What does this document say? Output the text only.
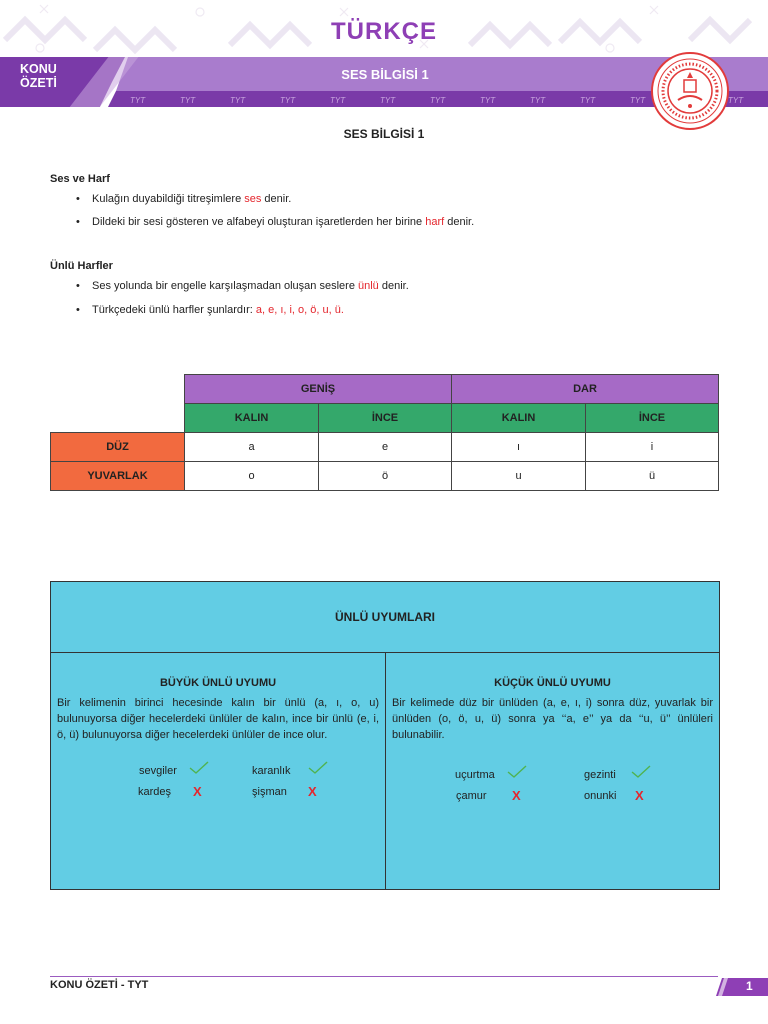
TÜRKÇE
KONU
ÖZETİ
SES BİLGİSİ 1
TYT	TYT	TYT	TYT	TYT	TYT	TYT	TYT	TYT	TYT	TYT	TYT
SES BİLGİSİ 1
Ses ve Harf
• Kulağın duyabildiği titreşimlere ses denir.
• Dildeki bir sesi gösteren ve alfabeyi oluşturan işaretlerden her birine harf denir.
Ünlü Harfler
• Ses yolunda bir engelle karşılaşmadan oluşan seslere ünlü denir.
• Türkçedeki ünlü harfler şunlardır: a, e, ı, i, o, ö, u, ü.
	GENİŞ		DAR	
	KALIN	İNCE	KALIN	İNCE
DÜZ	a	e	ı	i
YUVARLAK	o	ö	u	ü
ÜNLÜ UYUMLARI
BÜYÜK ÜNLÜ UYUMU
Bir kelimenin birinci hecesinde kalın bir ünlü (a, ı, o, u) bulunuyorsa diğer hecelerdeki ünlüler de kalın, ince bir ünlü (e, i, ö, ü) bulunuyorsa diğer hecelerdeki ünlüler de ince olur.
sevgiler	karanlık
kardeş X	şişman X
KÜÇÜK ÜNLÜ UYUMU
Bir kelimede düz bir ünlüden (a, e, ı, i) sonra düz, yuvarlak bir ünlüden (o, ö, u, ü) sonra ya ‘‘a, e’’ ya da ‘‘u, ü’’ ünlüleri bulunabilir.
uçurtma	gezinti
çamur X	onunki X
KONU ÖZETİ - TYT	1
